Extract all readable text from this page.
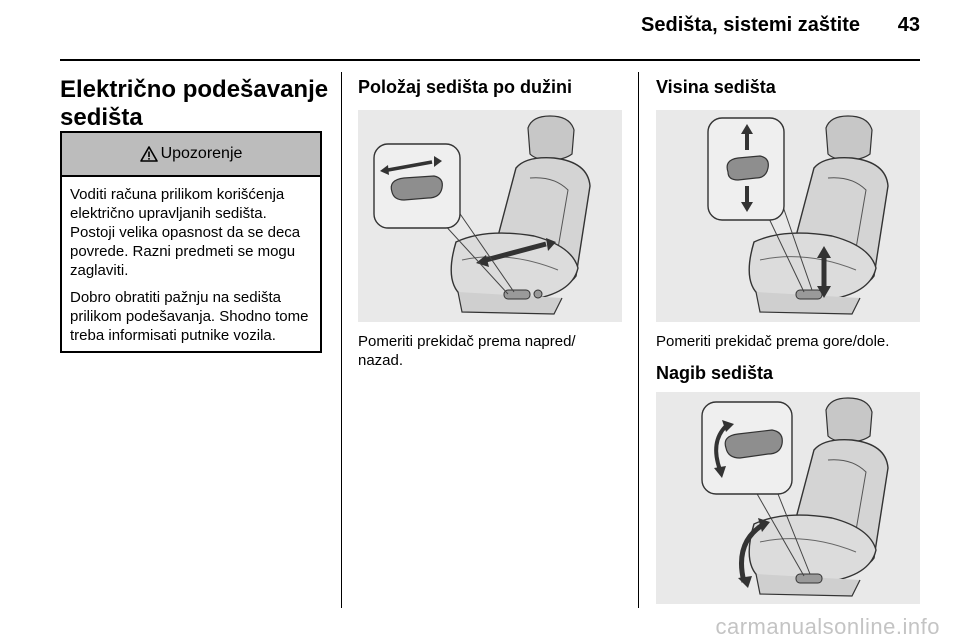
Sedišta, sistemi zaštite	43
Električno podešavanje
sedišta
Upozorenje

Voditi računa prilikom korišćenja električno upravljanih sedišta. Postoji velika opasnost da se deca povrede. Razni predmeti se mogu zaglaviti.

Dobro obratiti pažnju na sedišta prilikom podešavanja. Shodno tome treba informisati putnike vozila.

Položaj sedišta po dužini
Pomeriti prekidač prema napred/
nazad.
Visina sedišta
Pomeriti prekidač prema gore/dole.
Nagib sedišta
carmanualsonline.info
